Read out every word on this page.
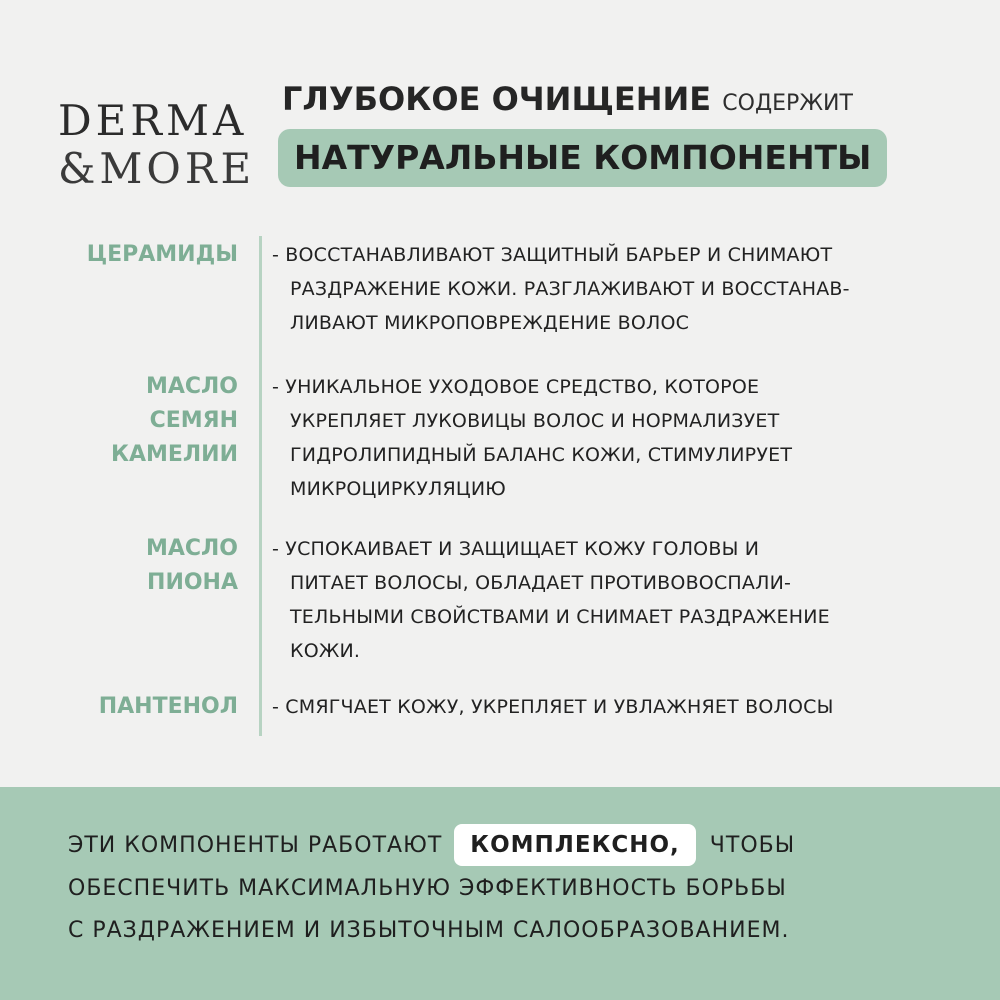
DERMA
&MORE
ГЛУБОКОЕ ОЧИЩЕНИЕ СОДЕРЖИТ
НАТУРАЛЬНЫЕ КОМПОНЕНТЫ
ЦЕРАМИДЫ - ВОССТАНАВЛИВАЮТ ЗАЩИТНЫЙ БАРЬЕР И СНИМАЮТ
РАЗДРАЖЕНИЕ КОЖИ. РАЗГЛАЖИВАЮТ И ВОССТАНАВ-
ЛИВАЮТ МИКРОПОВРЕЖДЕНИЕ ВОЛОС
МАСЛО
СЕМЯН
КАМЕЛИИ
- УНИКАЛЬНОЕ УХОДОВОЕ СРЕДСТВО, КОТОРОЕ
УКРЕПЛЯЕТ ЛУКОВИЦЫ ВОЛОС И НОРМАЛИЗУЕТ
ГИДРОЛИПИДНЫЙ БАЛАНС КОЖИ, СТИМУЛИРУЕТ
МИКРОЦИРКУЛЯЦИЮ
МАСЛО
ПИОНА
- УСПОКАИВАЕТ И ЗАЩИЩАЕТ КОЖУ ГОЛОВЫ И
ПИТАЕТ ВОЛОСЫ, ОБЛАДАЕТ ПРОТИВОВОСПАЛИ-
ТЕЛЬНЫМИ СВОЙСТВАМИ И СНИМАЕТ РАЗДРАЖЕНИЕ
КОЖИ.
ПАНТЕНОЛ - СМЯГЧАЕТ КОЖУ, УКРЕПЛЯЕТ И УВЛАЖНЯЕТ ВОЛОСЫ
ЭТИ КОМПОНЕНТЫ РАБОТАЮТ КОМПЛЕКСНО, ЧТОБЫ
ОБЕСПЕЧИТЬ МАКСИМАЛЬНУЮ ЭФФЕКТИВНОСТЬ БОРЬБЫ
С РАЗДРАЖЕНИЕМ И ИЗБЫТОЧНЫМ САЛООБРАЗОВАНИЕМ.
